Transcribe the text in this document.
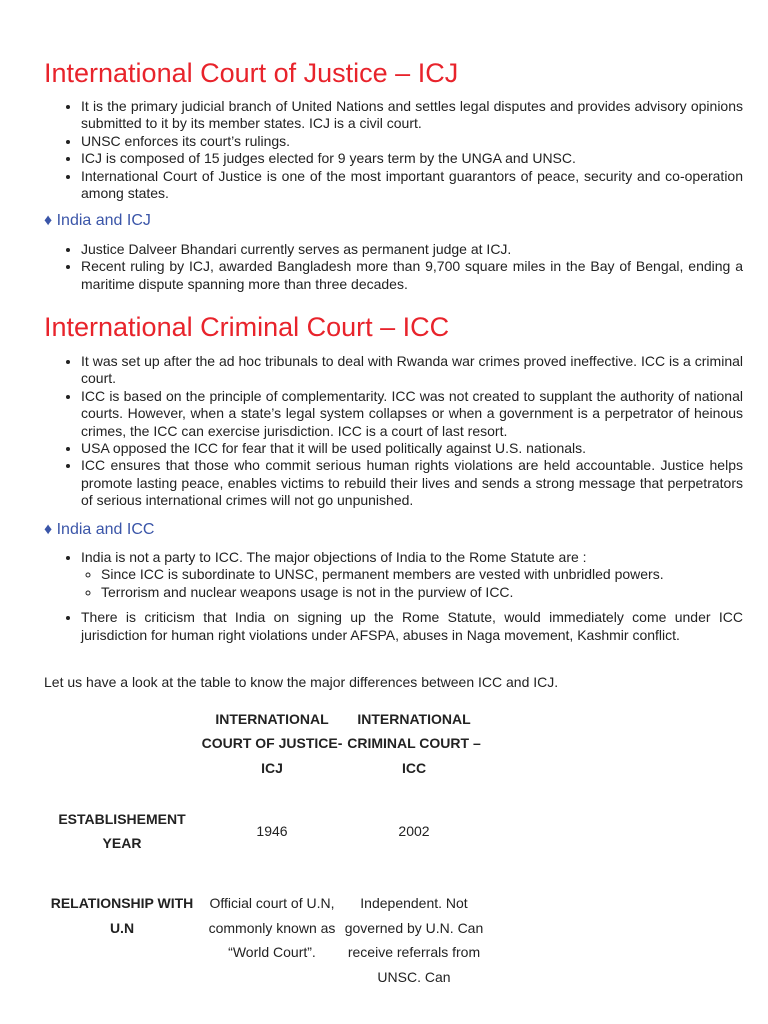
International Court of Justice – ICJ
• It is the primary judicial branch of United Nations and settles legal disputes and provides advisory opinions submitted to it by its member states. ICJ is a civil court.
• UNSC enforces its court’s rulings.
• ICJ is composed of 15 judges elected for 9 years term by the UNGA and UNSC.
• International Court of Justice is one of the most important guarantors of peace, security and co-operation among states.
♦ India and ICJ
• Justice Dalveer Bhandari currently serves as permanent judge at ICJ.
• Recent ruling by ICJ, awarded Bangladesh more than 9,700 square miles in the Bay of Bengal, ending a maritime dispute spanning more than three decades.
International Criminal Court – ICC
• It was set up after the ad hoc tribunals to deal with Rwanda war crimes proved ineffective. ICC is a criminal court.
• ICC is based on the principle of complementarity. ICC was not created to supplant the authority of national courts. However, when a state’s legal system collapses or when a government is a perpetrator of heinous crimes, the ICC can exercise jurisdiction. ICC is a court of last resort.
• USA opposed the ICC for fear that it will be used politically against U.S. nationals.
• ICC ensures that those who commit serious human rights violations are held accountable. Justice helps promote lasting peace, enables victims to rebuild their lives and sends a strong message that perpetrators of serious international crimes will not go unpunished.
♦ India and ICC
• India is not a party to ICC. The major objections of India to the Rome Statute are :
◦ Since ICC is subordinate to UNSC, permanent members are vested with unbridled powers.
◦ Terrorism and nuclear weapons usage is not in the purview of ICC.
• There is criticism that India on signing up the Rome Statute, would immediately come under ICC jurisdiction for human right violations under AFSPA, abuses in Naga movement, Kashmir conflict.

Let us have a look at the table to know the major differences between ICC and ICJ.

	INTERNATIONAL COURT OF JUSTICE- ICJ	INTERNATIONAL CRIMINAL COURT – ICC
ESTABLISHEMENT YEAR	1946	2002
RELATIONSHIP WITH U.N	Official court of U.N, commonly known as “World Court”.	Independent. Not governed by U.N. Can receive referrals from UNSC. Can
